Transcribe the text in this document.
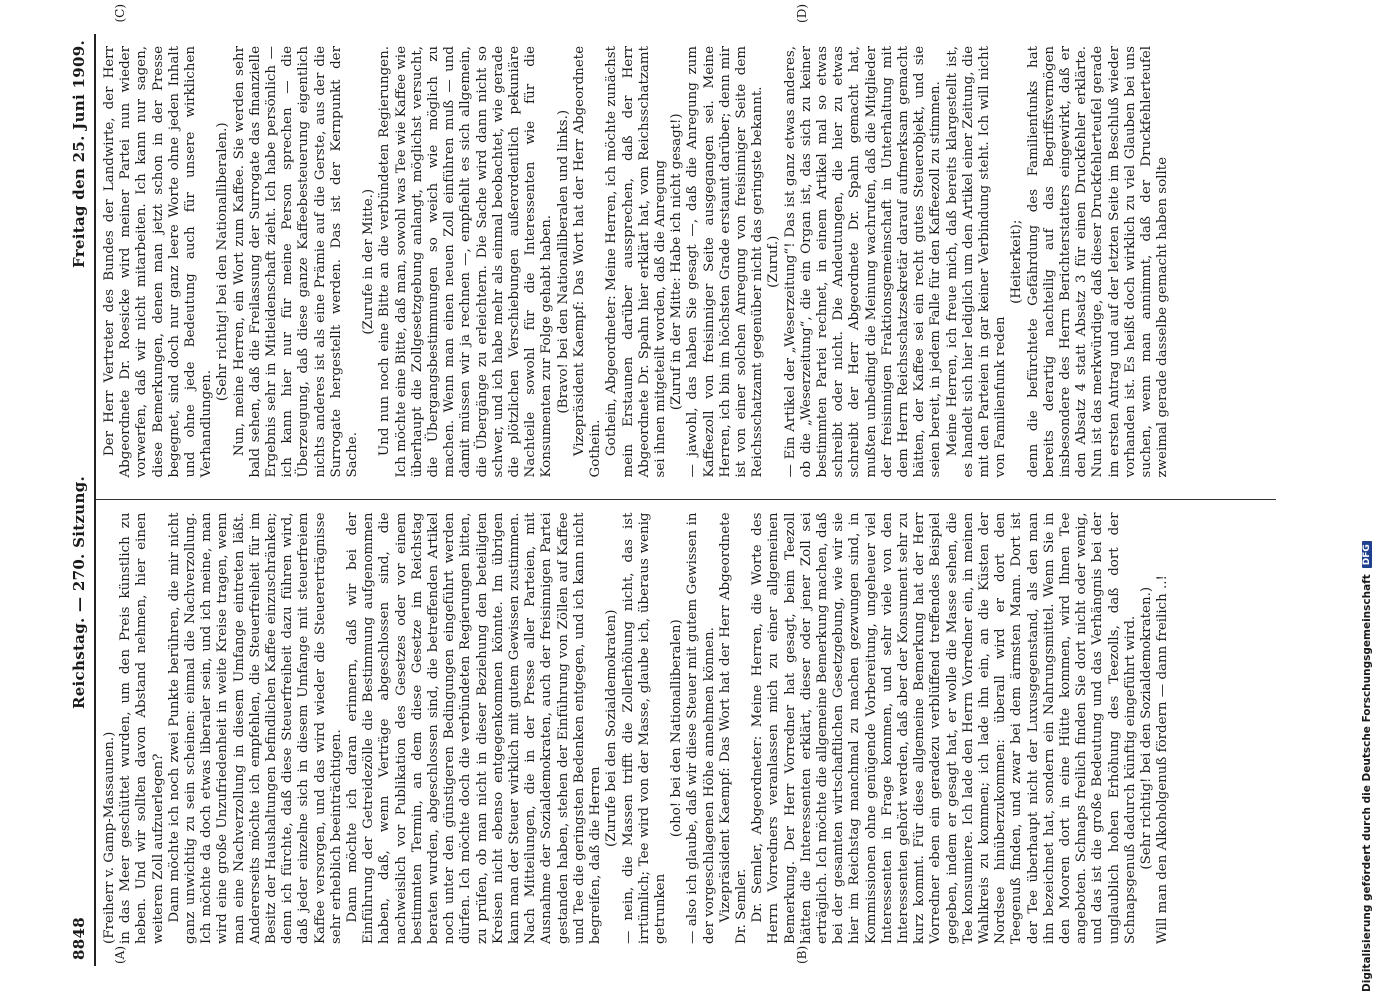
8848
Reichstag. — 270. Sitzung.
Freitag den 25. Juni 1909.
(A)	(B)

(Freiherr v. Gamp-Massaunen.) in das Meer geschüttet wurden, um den Preis künstlich zu heben. Und wir sollten davon Abstand nehmen, hier einen weiteren Zoll aufzuerlegen? Dann möchte ich noch zwei Punkte berühren, die mir nicht ganz unwichtig zu sein scheinen: einmal die Nachverzollung. Ich möchte da doch etwas liberaler sein, und ich meine, man wird eine große Unzufriedenheit in weite Kreise tragen, wenn man eine Nachverzollung in diesem Umfange eintreten läßt. Andererseits möchte ich empfehlen, die Steuerfreiheit für im Besitz der Haushaltungen befindlichen Kaffee einzuschränken; denn ich fürchte, daß diese Steuerfreiheit dazu führen wird, daß jeder einzelne sich in diesem Umfange mit steuerfreiem Kaffee versorgen, und das wird wieder die Steuererträgnisse sehr erheblich beeinträchtigen. Dann möchte ich daran erinnern, daß wir bei der Einführung der Getreidezölle die Bestimmung aufgenommen haben, daß, wenn Verträge abgeschlossen sind, die nachweislich vor Publikation des Gesetzes oder vor einem bestimmten Termin, an dem diese Gesetze im Reichstag beraten wurden, abgeschlossen sind, die betreffenden Artikel noch unter den günstigeren Bedingungen eingeführt werden dürfen. Ich möchte doch die verbündeten Regierungen bitten, zu prüfen, ob man nicht in dieser Beziehung den beteiligten Kreisen nicht ebenso entgegenkommen könnte. Im übrigen kann man der Steuer wirklich mit gutem Gewissen zustimmen. Nach Mitteilungen, die in der Presse aller Parteien, mit Ausnahme der Sozialdemokraten, auch der freisinnigen Partei gestanden haben, stehen der Einführung von Zöllen auf Kaffee und Tee die geringsten Bedenken entgegen, und ich kann nicht begreifen, daß die Herren

(Zurufe bei den Sozialdemokraten) — nein, die Massen trifft die Zollerhöhung nicht, das ist irrtümlich; Tee wird von der Masse, glaube ich, überaus wenig getrunken

(oho! bei den Nationalliberalen) — also ich glaube, daß wir diese Steuer mit gutem Gewissen in der vorgeschlagenen Höhe annehmen können. Vizepräsident Kaempf: Das Wort hat der Herr Abgeordnete Dr. Semler. Dr. Semler, Abgeordneter: Meine Herren, die Worte des Herrn Vorredners veranlassen mich zu einer allgemeinen Bemerkung. Der Herr Vorredner hat gesagt, beim Teezoll hätten die Interessenten erklärt, dieser oder jener Zoll sei erträglich. Ich möchte die allgemeine Bemerkung machen, daß bei der gesamten wirtschaftlichen Gesetzgebung, wie wir sie hier im Reichstag manchmal zu machen gezwungen sind, in Kommissionen ohne genügende Vorbereitung, ungeheuer viel Interessenten in Frage kommen, und sehr viele von den Interessenten gehört werden, daß aber der Konsument sehr zu kurz kommt. Für diese allgemeine Bemerkung hat der Herr Vorredner eben ein geradezu verblüffend treffendes Beispiel gegeben, indem er gesagt hat, er wolle die Masse sehen, die Tee konsumiere. Ich lade den Herrn Vorredner ein, in meinen Wahlkreis zu kommen; ich lade ihn ein, an die Küsten der Nordsee hinüberzukommen: überall wird er dort den Teegenuß finden, und zwar bei dem ärmsten Mann. Dort ist der Tee überhaupt nicht der Luxusgegenstand, als den man ihn bezeichnet hat, sondern ein Nahrungsmittel. Wenn Sie in den Mooren dort in eine Hütte kommen, wird Ihnen Tee angeboten. Schnaps freilich finden Sie dort nicht oder wenig, und das ist die große Bedeutung und das Verhängnis bei der unglaublich hohen Erhöhung des Teezolls, daß dort der Schnapsgenuß dadurch künftig eingeführt wird. (Sehr richtig! bei den Sozialdemokraten.) Will man den Alkoholgenuß fördern — dann freilich ..!

(C)	(D)

Der Herr Vertreter des Bundes der Landwirte, der Herr Abgeordnete Dr. Roesicke wird meiner Partei nun wieder vorwerfen, daß wir nicht mitarbeiten. Ich kann nur sagen, diese Bemerkungen, denen man jetzt schon in der Presse begegnet, sind doch nur ganz leere Worte ohne jeden Inhalt und ohne jede Bedeutung auch für unsere wirklichen Verhandlungen.

(Sehr richtig! bei den Nationalliberalen.) Nun, meine Herren, ein Wort zum Kaffee. Sie werden sehr bald sehen, daß die Freilassung der Surrogate das finanzielle Ergebnis sehr in Mitleidenschaft zieht. Ich habe persönlich — ich kann hier nur für meine Person sprechen — die Überzeugung, daß diese ganze Kaffeebesteuerung eigentlich nichts anderes ist als eine Prämie auf die Gerste, aus der die Surrogate hergestellt werden. Das ist der Kernpunkt der Sache.

(Zurufe in der Mitte.) Und nun noch eine Bitte an die verbündeten Regierungen. Ich möchte eine Bitte, daß man, sowohl was Tee wie Kaffee wie überhaupt die Zollgesetzgebung anlangt, möglichst versucht, die Übergangsbestimmungen so weich wie möglich zu machen. Wenn man einen neuen Zoll einführen muß — und damit müssen wir ja rechnen —, empfiehlt es sich allgemein, die Übergänge zu erleichtern. Die Sache wird dann nicht so schwer, und ich habe mehr als einmal beobachtet, wie gerade die plötzlichen Verschiebungen außerordentlich pekuniäre Nachteile sowohl für die Interessenten wie für die Konsumenten zur Folge gehabt haben. (Bravo! bei den Nationalliberalen und links.) Vizepräsident Kaempf: Das Wort hat der Herr Abgeordnete Gothein. Gothein, Abgeordneter: Meine Herren, ich möchte zunächst mein Erstaunen darüber aussprechen, daß der Herr Abgeordnete Dr. Spahn hier erklärt hat, vom Reichsschatzamt sei ihnen mitgeteilt worden, daß die Anregung (Zuruf in der Mitte: Habe ich nicht gesagt!) — jawohl, das haben Sie gesagt —, daß die Anregung zum Kaffeezoll von freisinniger Seite ausgegangen sei. Meine Herren, ich bin im höchsten Grade erstaunt darüber; denn mir ist von einer solchen Anregung von freisinniger Seite dem Reichsschatzamt gegenüber nicht das geringste bekannt. (Zuruf.) — Ein Artikel der „Weserzeitung“! Das ist ganz etwas anderes, ob die „Weserzeitung“, die ein Organ ist, das sich zu keiner bestimmten Partei rechnet, in einem Artikel mal so etwas schreibt oder nicht. Die Andeutungen, die hier zu etwas schreibt der Herr Abgeordnete Dr. Spahn gemacht hat, mußten unbedingt die Meinung wachrufen, daß die Mitglieder der freisinnigen Fraktionsgemeinschaft in Unterhaltung mit dem Herrn Reichsschatzsekretär darauf aufmerksam gemacht hätten, der Kaffee sei ein recht gutes Steuerobjekt, und sie seien bereit, in jedem Falle für den Kaffeezoll zu stimmen. Meine Herren, ich freue mich, daß bereits klargestellt ist, es handelt sich hier lediglich um den Artikel einer Zeitung, die mit den Parteien in gar keiner Verbindung steht. Ich will nicht von Familienfunk reden

(Heiterkeit); denn die befürchtete Gefährdung des Familienfunks hat bereits derartig nachteilig auf das Begriffsvermögen insbesondere des Herrn Berichterstatters eingewirkt, daß er den Absatz 4 statt Absatz 3 für einen Druckfehler erklärte. Nun ist das merkwürdige, daß dieser Druckfehlerteufel gerade im ersten Antrag und auf der letzten Seite im Beschluß wieder vorhanden ist. Es heißt doch wirklich zu viel Glauben bei uns suchen, wenn man annimmt, daß der Druckfehlerteufel zweimal gerade dasselbe gemacht haben sollte

Digitalisierung gefördert durch die Deutsche Forschungsgemeinschaft
DFG
